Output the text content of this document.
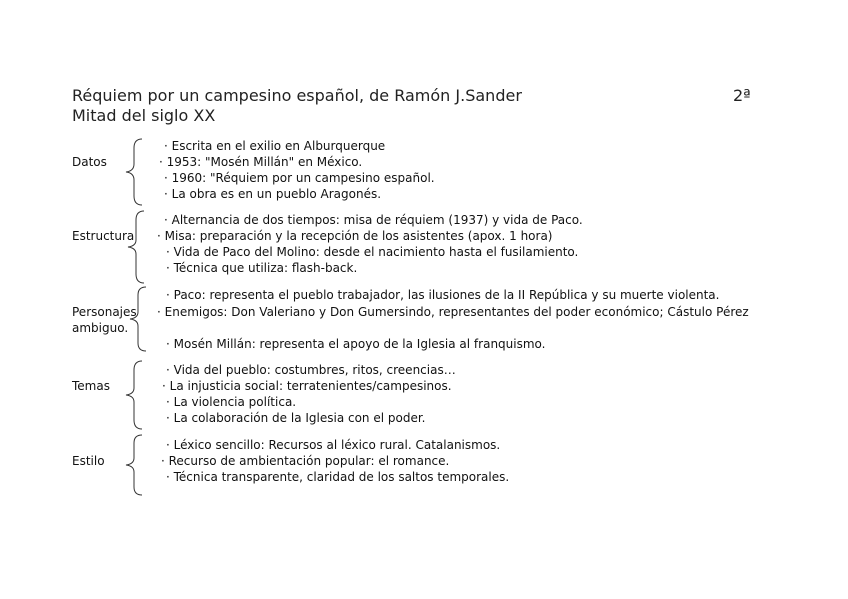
Réquiem por un campesino español, de Ramón J.Sander	2ª
Mitad del siglo XX
Datos
· Escrita en el exilio en Alburquerque
· 1953: "Mosén Millán" en México.
· 1960: "Réquiem por un campesino español.
· La obra es en un pueblo Aragonés.
Estructura
· Alternancia de dos tiempos: misa de réquiem (1937) y vida de Paco.
· Misa: preparación y la recepción de los asistentes (apox. 1 hora)
· Vida de Paco del Molino: desde el nacimiento hasta el fusilamiento.
· Técnica que utiliza: flash-back.
Personajes
ambiguo.
· Paco: representa el pueblo trabajador, las ilusiones de la II República y su muerte violenta.
· Enemigos: Don Valeriano y Don Gumersindo, representantes del poder económico; Cástulo Pérez
· Mosén Millán: representa el apoyo de la Iglesia al franquismo.
Temas
· Vida del pueblo: costumbres, ritos, creencias…
· La injusticia social: terratenientes/campesinos.
· La violencia política.
· La colaboración de la Iglesia con el poder.
Estilo
· Léxico sencillo: Recursos al léxico rural. Catalanismos.
· Recurso de ambientación popular: el romance.
· Técnica transparente, claridad de los saltos temporales.
